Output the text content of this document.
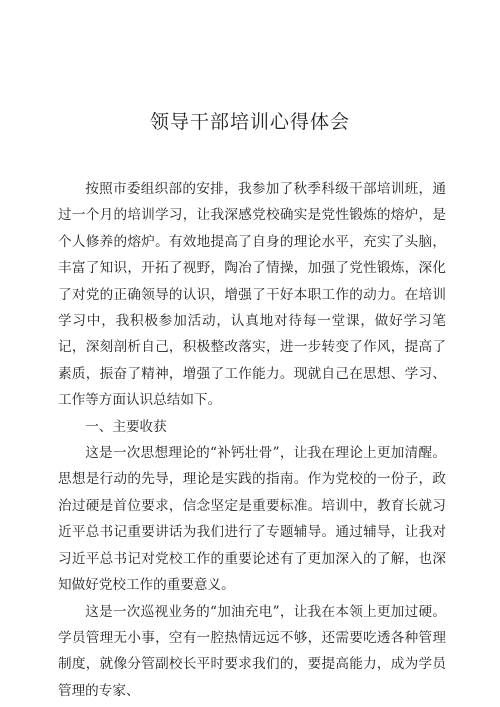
领导干部培训心得体会

按照市委组织部的安排，我参加了秋季科级干部培训班，通过一个月的培训学习，让我深感党校确实是党性锻炼的熔炉，是个人修养的熔炉。有效地提高了自身的理论水平，充实了头脑，丰富了知识，开拓了视野，陶冶了情操，加强了党性锻炼，深化了对党的正确领导的认识，增强了干好本职工作的动力。在培训学习中，我积极参加活动，认真地对待每一堂课，做好学习笔记，深刻剖析自己，积极整改落实，进一步转变了作风，提高了素质，振奋了精神，增强了工作能力。现就自己在思想、学习、工作等方面认识总结如下。

一、主要收获

这是一次思想理论的“补钙壮骨”，让我在理论上更加清醒。思想是行动的先导，理论是实践的指南。作为党校的一份子，政治过硬是首位要求，信念坚定是重要标准。培训中，教育长就习近平总书记重要讲话为我们进行了专题辅导。通过辅导，让我对习近平总书记对党校工作的重要论述有了更加深入的了解，也深知做好党校工作的重要意义。

这是一次巡视业务的“加油充电”，让我在本领上更加过硬。学员管理无小事，空有一腔热情远远不够，还需要吃透各种管理制度，就像分管副校长平时要求我们的，要提高能力，成为学员管理的专家、
